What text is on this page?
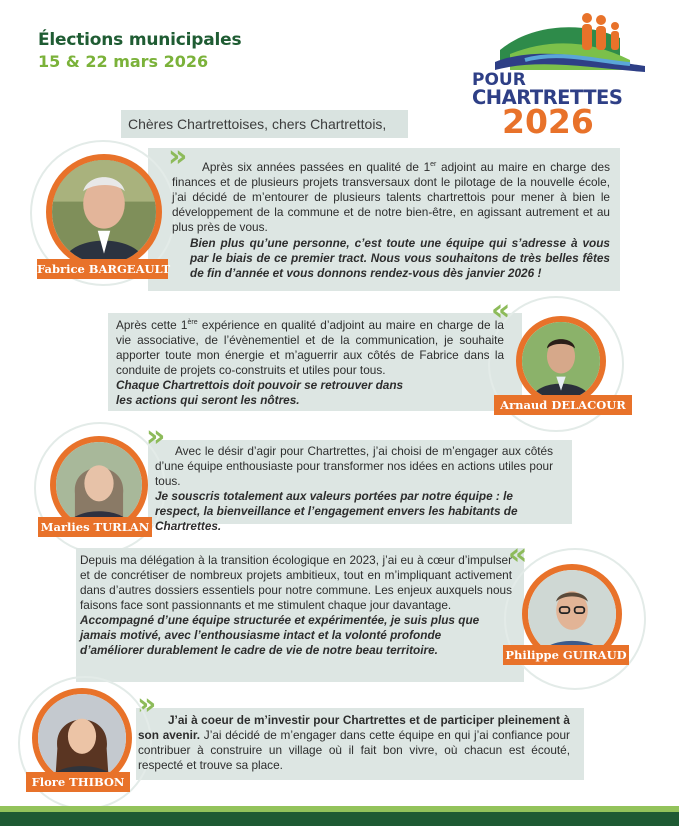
Élections municipales
15 & 22 mars 2026
POUR
CHARTRETTES
2026
Chères Chartrettoises, chers Chartrettois,
»
Fabrice BARGEAULT
Après six années passées en qualité de 1er adjoint au maire en charge des finances et de plusieurs projets transversaux dont le pilotage de la nouvelle école, j’ai décidé de m’entourer de plusieurs talents chartrettois pour mener à bien le développement de la commune et de notre bien-être, en agissant autrement et au plus près de vous.
Bien plus qu’une personne, c’est toute une équipe qui s’adresse à vous par le biais de ce premier tract. Nous vous souhaitons de très belles fêtes de fin d’année et vous donnons rendez-vous dès janvier 2026 !
«
Arnaud DELACOUR
Après cette 1ère expérience en qualité d’adjoint au maire en charge de la vie associative, de l’évènementiel et de la communication, je souhaite apporter toute mon énergie et m’aguerrir aux côtés de Fabrice dans la conduite de projets co-construits et utiles pour tous.
Chaque Chartrettois doit pouvoir se retrouver dans les actions qui seront les nôtres.
»
Marlies TURLAN
Avec le désir d’agir pour Chartrettes, j’ai choisi de m’engager aux côtés d’une équipe enthousiaste pour transformer nos idées en actions utiles pour tous.
Je souscris totalement aux valeurs portées par notre équipe : le respect, la bienveillance et l’engagement envers les habitants de Chartrettes.
«
Philippe GUIRAUD
Depuis ma délégation à la transition écologique en 2023, j’ai eu à cœur d’impulser et de concrétiser de nombreux projets ambitieux, tout en m’impliquant activement dans d’autres dossiers essentiels pour notre commune. Les enjeux auxquels nous faisons face sont passionnants et me stimulent chaque jour davantage.
Accompagné d’une équipe structurée et expérimentée, je suis plus que jamais motivé, avec l’enthousiasme intact et la volonté profonde d’améliorer durablement le cadre de vie de notre beau territoire.
»
Flore THIBON
J’ai à coeur de m’investir pour Chartrettes et de participer pleinement à son avenir. J’ai décidé de m’engager dans cette équipe en qui j’ai confiance pour contribuer à construire un village où il fait bon vivre, où chacun est écouté, respecté et trouve sa place.
